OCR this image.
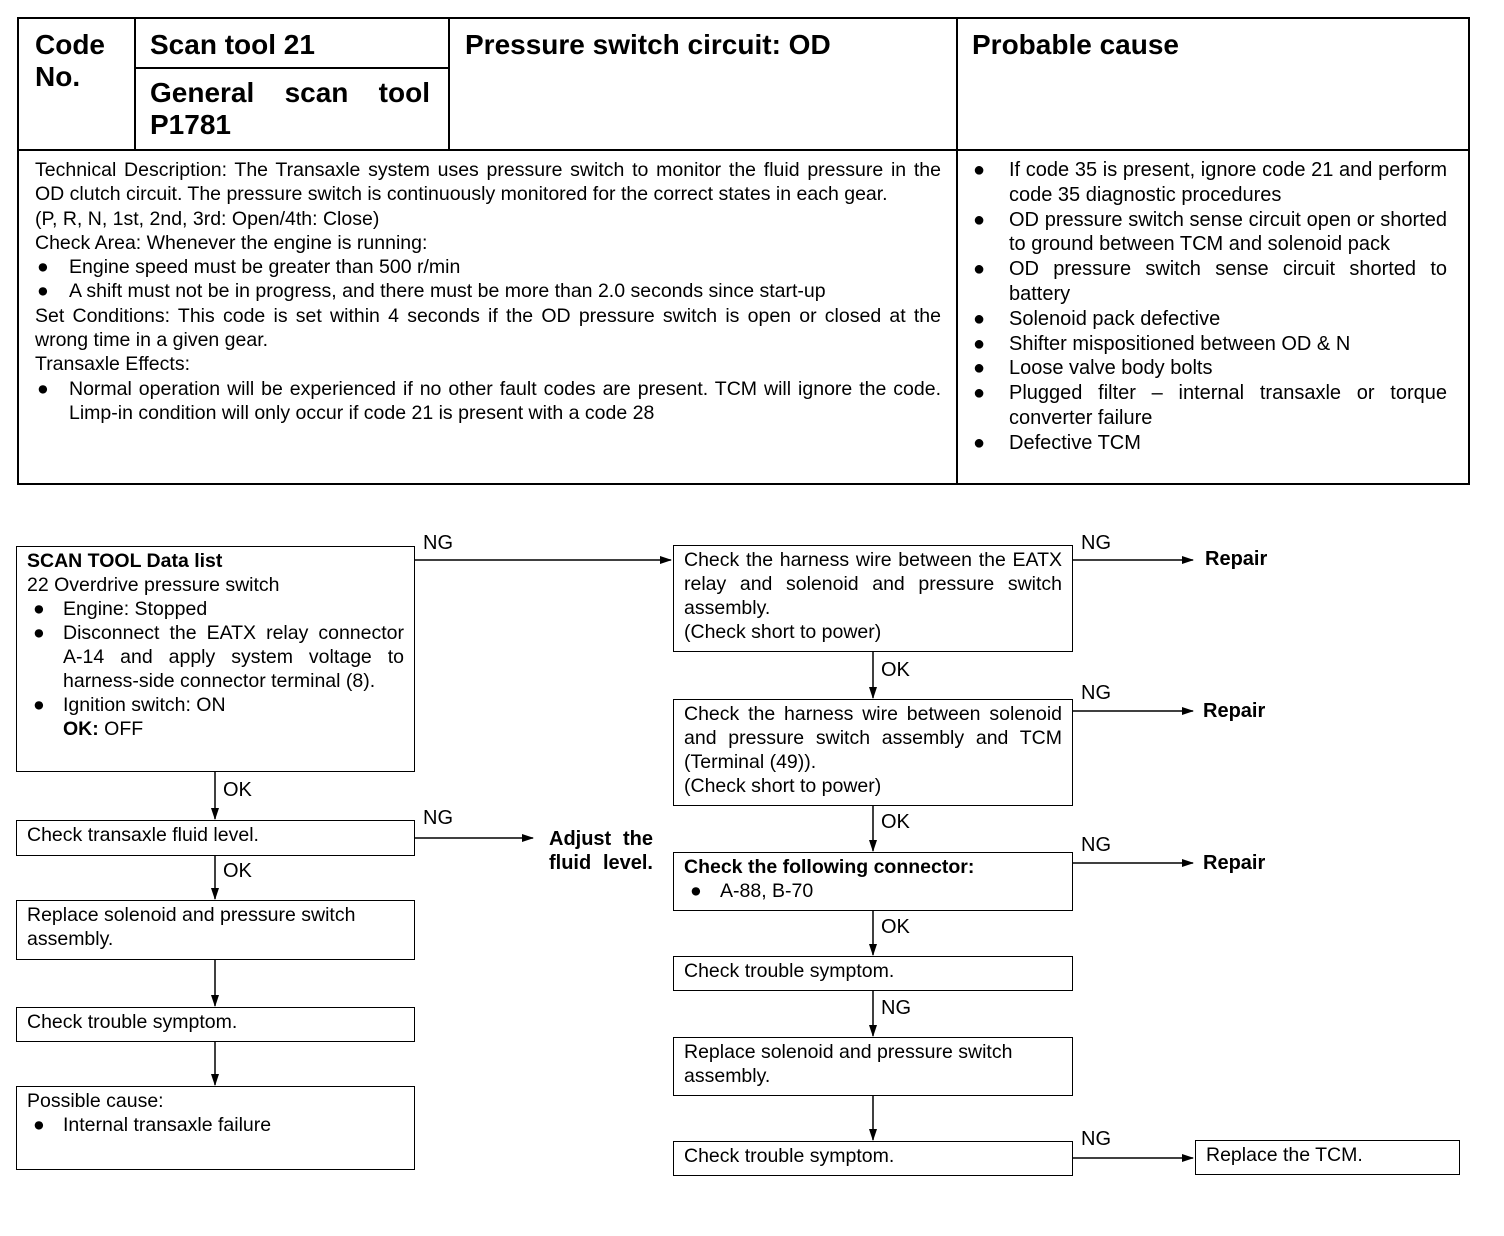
Code No.
Scan tool 21
General scan tool P1781
Pressure switch circuit: OD	Probable cause

Technical Description: The Transaxle system uses pressure switch to monitor the fluid pressure in the OD clutch circuit. The pressure switch is continuously monitored for the correct states in each gear.

(P, R, N, 1st, 2nd, 3rd: Open/4th: Close)

Check Area: Whenever the engine is running:

● Engine speed must be greater than 500 r/min

● A shift must not be in progress, and there must be more than 2.0 seconds since start-up

Set Conditions: This code is set within 4 seconds if the OD pressure switch is open or closed at the wrong time in a given gear.

Transaxle Effects:

● Normal operation will be experienced if no other fault codes are present. TCM will ignore the code. Limp-in condition will only occur if code 21 is present with a code 28

● If code 35 is present, ignore code 21 and perform code 35 diagnostic procedures

● OD pressure switch sense circuit open or shorted to ground between TCM and solenoid pack

● OD pressure switch sense circuit shorted to battery

● Solenoid pack defective

● Shifter mispositioned between OD & N

● Loose valve body bolts

● Plugged filter – internal transaxle or torque converter failure

● Defective TCM

SCAN TOOL Data list
22 Overdrive pressure switch
● Engine: Stopped
● Disconnect the EATX relay connector A-14 and apply system voltage to harness-side connector terminal (8).
● Ignition switch: ON
OK: OFF
Check transaxle fluid level.
Replace solenoid and pressure switch assembly.
Check trouble symptom.
Possible cause:
● Internal transaxle failure
Adjust the fluid level.
Check the harness wire between the EATX relay and solenoid and pressure switch assembly.
(Check short to power)
Check the harness wire between solenoid and pressure switch assembly and TCM (Terminal (49)).
(Check short to power)
Check the following connector:
● A-88, B-70
Check trouble symptom.
Replace solenoid and pressure switch assembly.
Check trouble symptom.	Replace the TCM.
Repair
Repair
Repair
NG
OK
NG
OK
NG
OK
NG
OK
NG
OK
NG
NG
